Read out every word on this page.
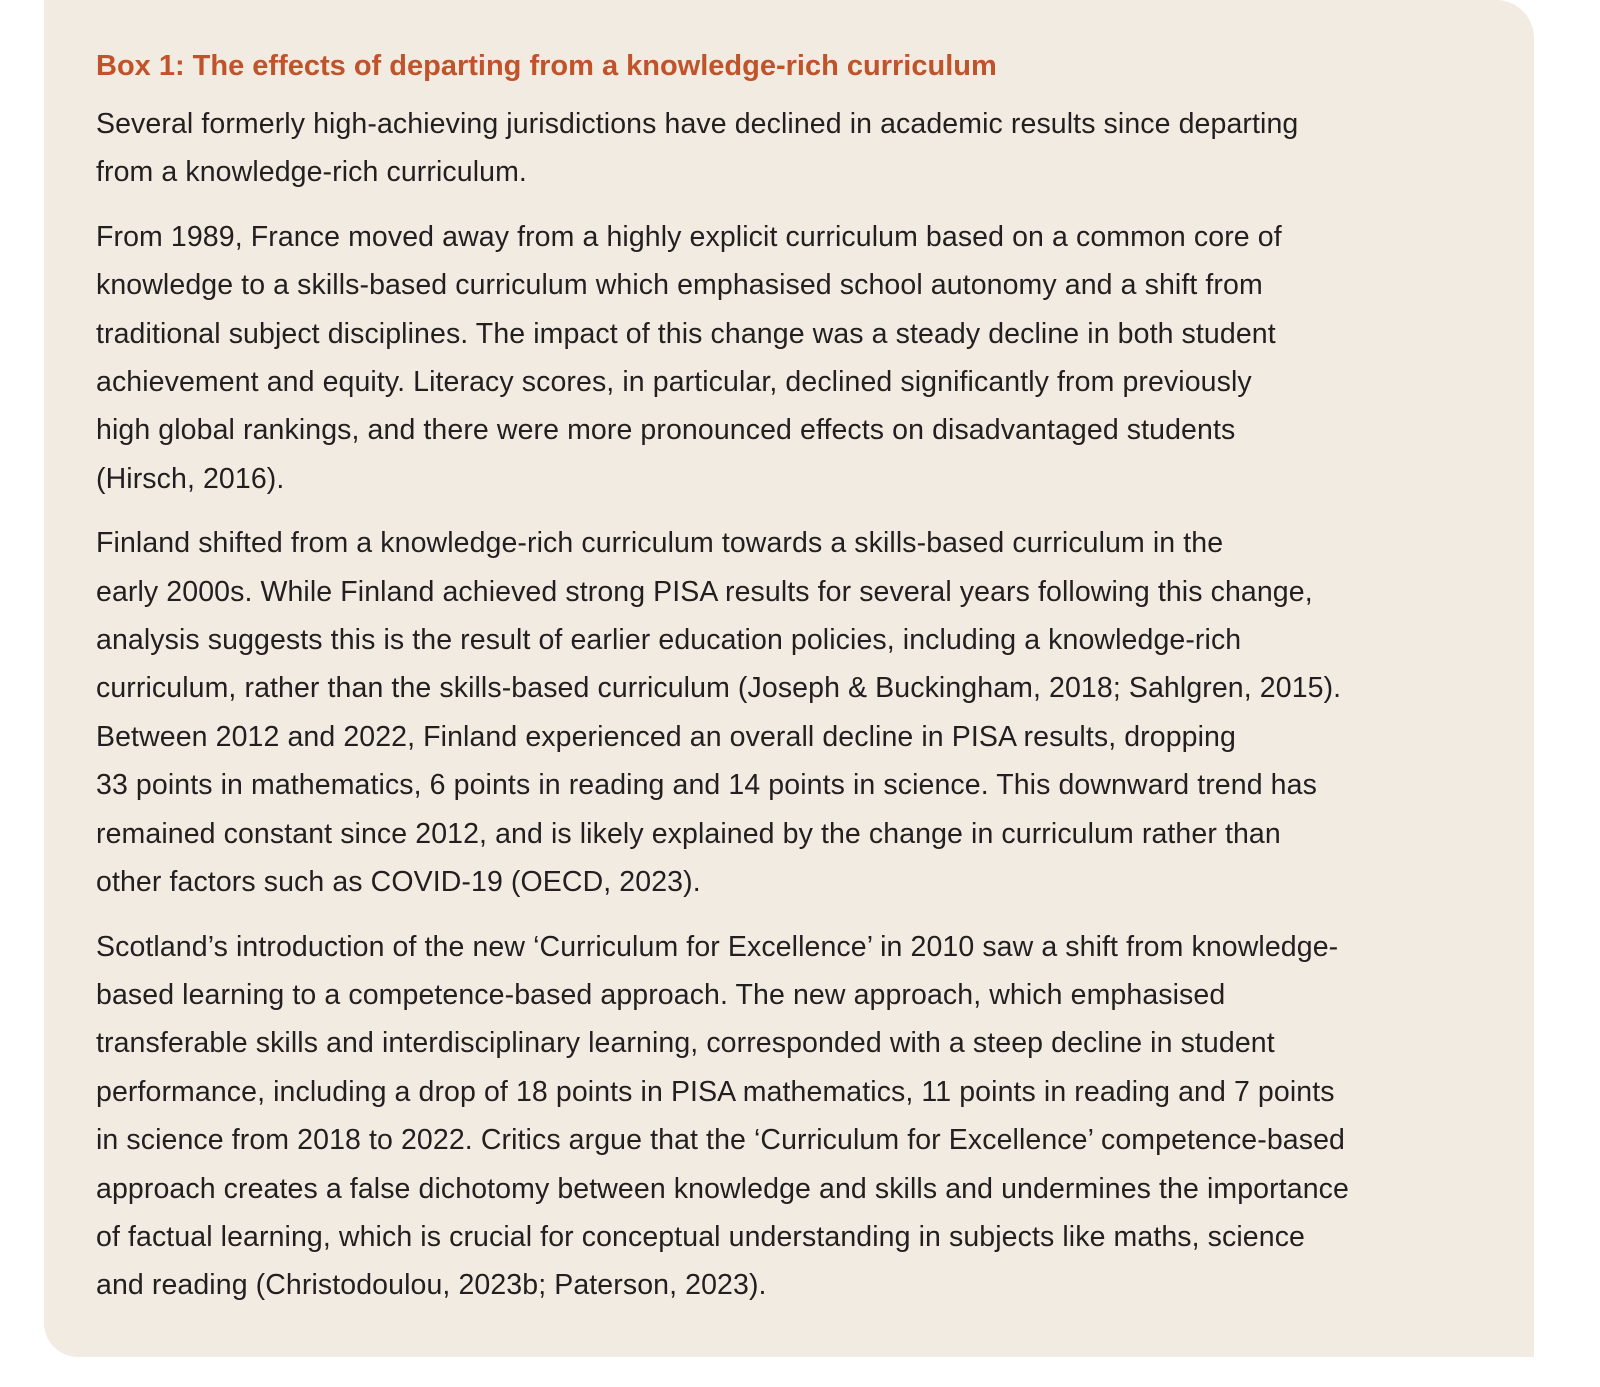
Box 1: The effects of departing from a knowledge-rich curriculum

Several formerly high-achieving jurisdictions have declined in academic results since departing
from a knowledge-rich curriculum.

From 1989, France moved away from a highly explicit curriculum based on a common core of
knowledge to a skills-based curriculum which emphasised school autonomy and a shift from
traditional subject disciplines. The impact of this change was a steady decline in both student
achievement and equity. Literacy scores, in particular, declined significantly from previously
high global rankings, and there were more pronounced effects on disadvantaged students
(Hirsch, 2016).

Finland shifted from a knowledge-rich curriculum towards a skills-based curriculum in the
early 2000s. While Finland achieved strong PISA results for several years following this change,
analysis suggests this is the result of earlier education policies, including a knowledge-rich
curriculum, rather than the skills-based curriculum (Joseph & Buckingham, 2018; Sahlgren, 2015).
Between 2012 and 2022, Finland experienced an overall decline in PISA results, dropping
33 points in mathematics, 6 points in reading and 14 points in science. This downward trend has
remained constant since 2012, and is likely explained by the change in curriculum rather than
other factors such as COVID-19 (OECD, 2023).

Scotland’s introduction of the new ‘Curriculum for Excellence’ in 2010 saw a shift from knowledge-
based learning to a competence-based approach. The new approach, which emphasised
transferable skills and interdisciplinary learning, corresponded with a steep decline in student
performance, including a drop of 18 points in PISA mathematics, 11 points in reading and 7 points
in science from 2018 to 2022. Critics argue that the ‘Curriculum for Excellence’ competence-based
approach creates a false dichotomy between knowledge and skills and undermines the importance
of factual learning, which is crucial for conceptual understanding in subjects like maths, science
and reading (Christodoulou, 2023b; Paterson, 2023).
